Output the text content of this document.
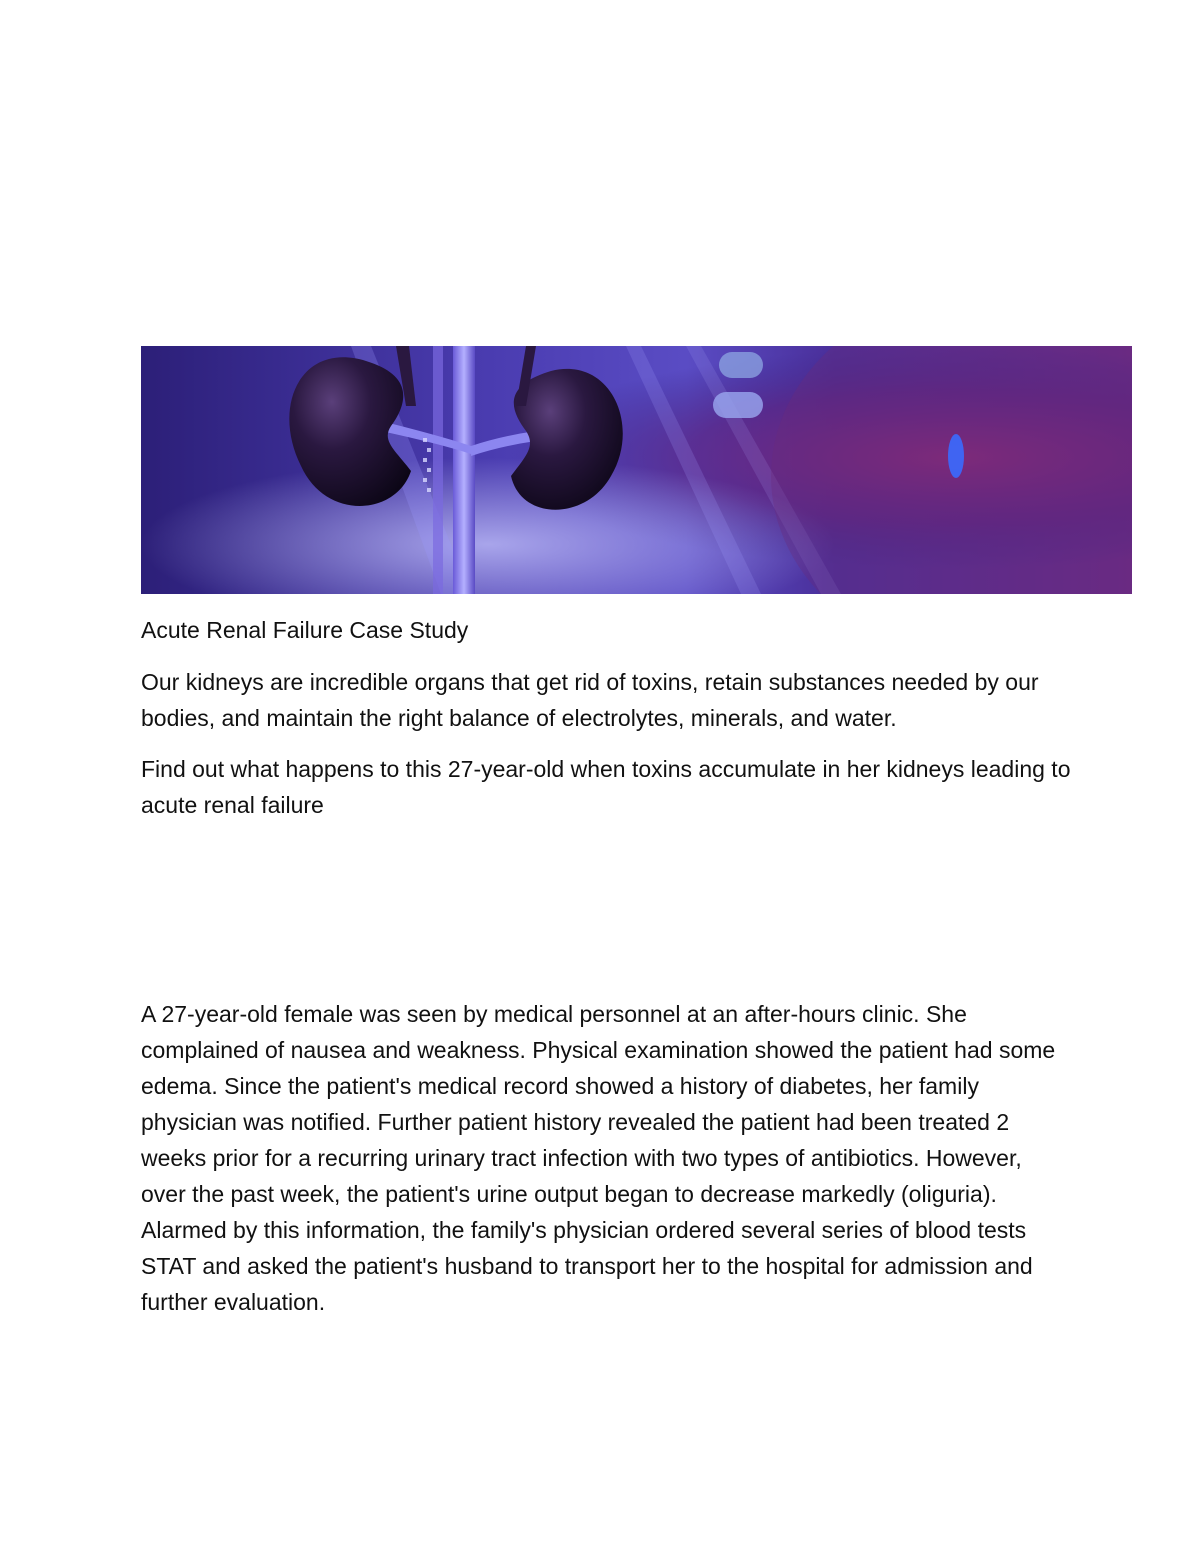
Acute Renal Failure Case Study

Our kidneys are incredible organs that get rid of toxins, retain substances needed by our bodies, and maintain the right balance of electrolytes, minerals, and water.

Find out what happens to this 27-year-old when toxins accumulate in her kidneys leading to acute renal failure

A 27-year-old female was seen by medical personnel at an after-hours clinic. She complained of nausea and weakness. Physical examination showed the patient had some edema. Since the patient's medical record showed a history of diabetes, her family physician was notified. Further patient history revealed the patient had been treated 2 weeks prior for a recurring urinary tract infection with two types of antibiotics. However, over the past week, the patient's urine output began to decrease markedly (oliguria). Alarmed by this information, the family's physician ordered several series of blood tests STAT and asked the patient's husband to transport her to the hospital for admission and further evaluation.
